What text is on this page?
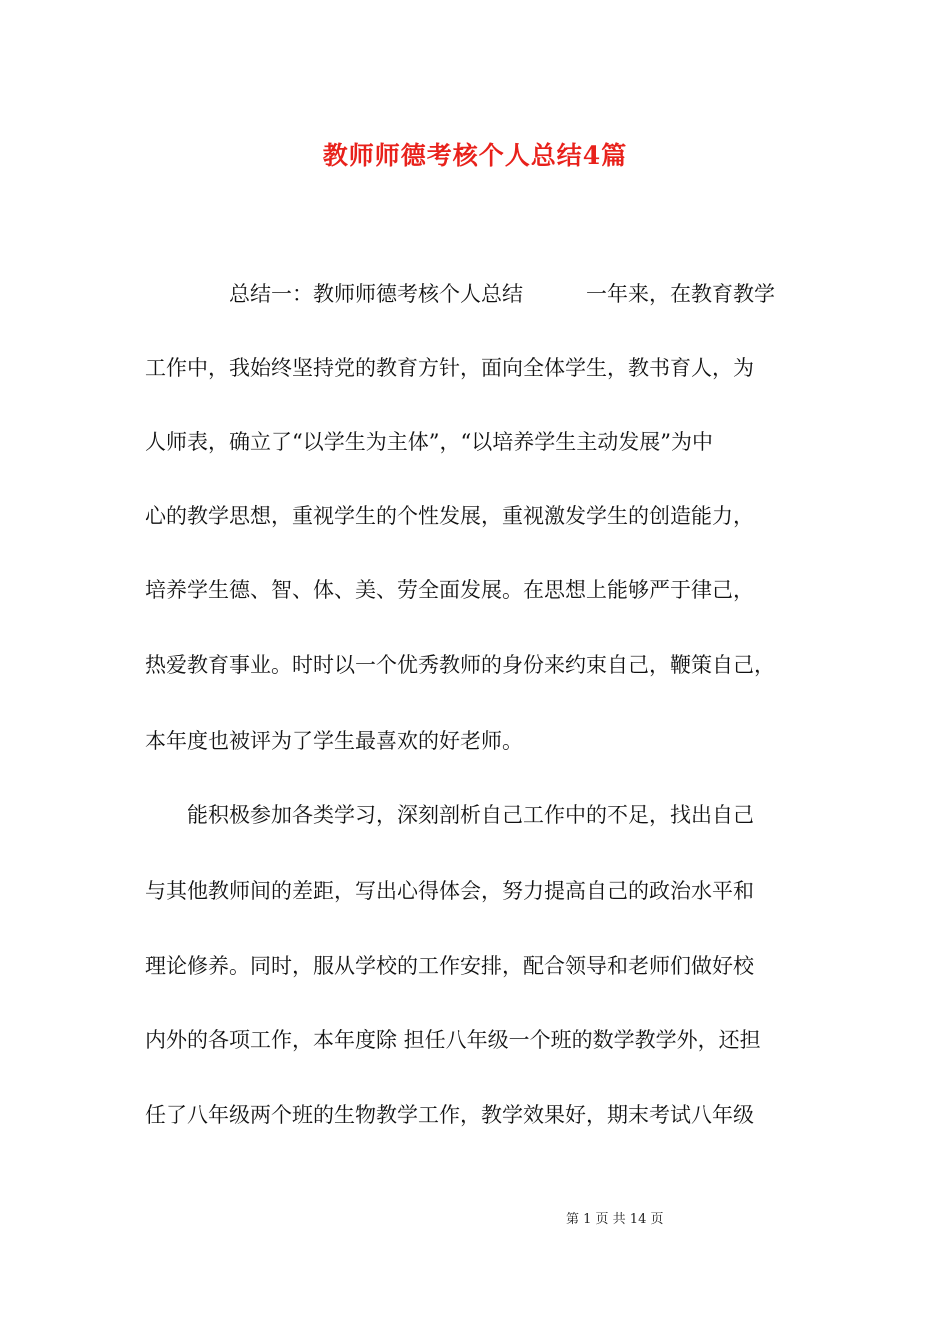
教师师德考核个人总结4篇

　　　　总结一：教师师德考核个人总结　　　一年来，在教育教学

工作中，我始终坚持党的教育方针，面向全体学生，教书育人，为

人师表，确立了“以学生为主体”，“以培养学生主动发展”为中

心的教学思想，重视学生的个性发展，重视激发学生的创造能力，

培养学生德、智、体、美、劳全面发展。在思想上能够严于律己，

热爱教育事业。时时以一个优秀教师的身份来约束自己，鞭策自己，

本年度也被评为了学生最喜欢的好老师。

　　能积极参加各类学习，深刻剖析自己工作中的不足，找出自己

与其他教师间的差距，写出心得体会，努力提高自己的政治水平和

理论修养。同时，服从学校的工作安排，配合领导和老师们做好校

内外的各项工作，本年度除 担任八年级一个班的数学教学外，还担

任了八年级两个班的生物教学工作，教学效果好，期末考试八年级

第 1 页 共 14 页
